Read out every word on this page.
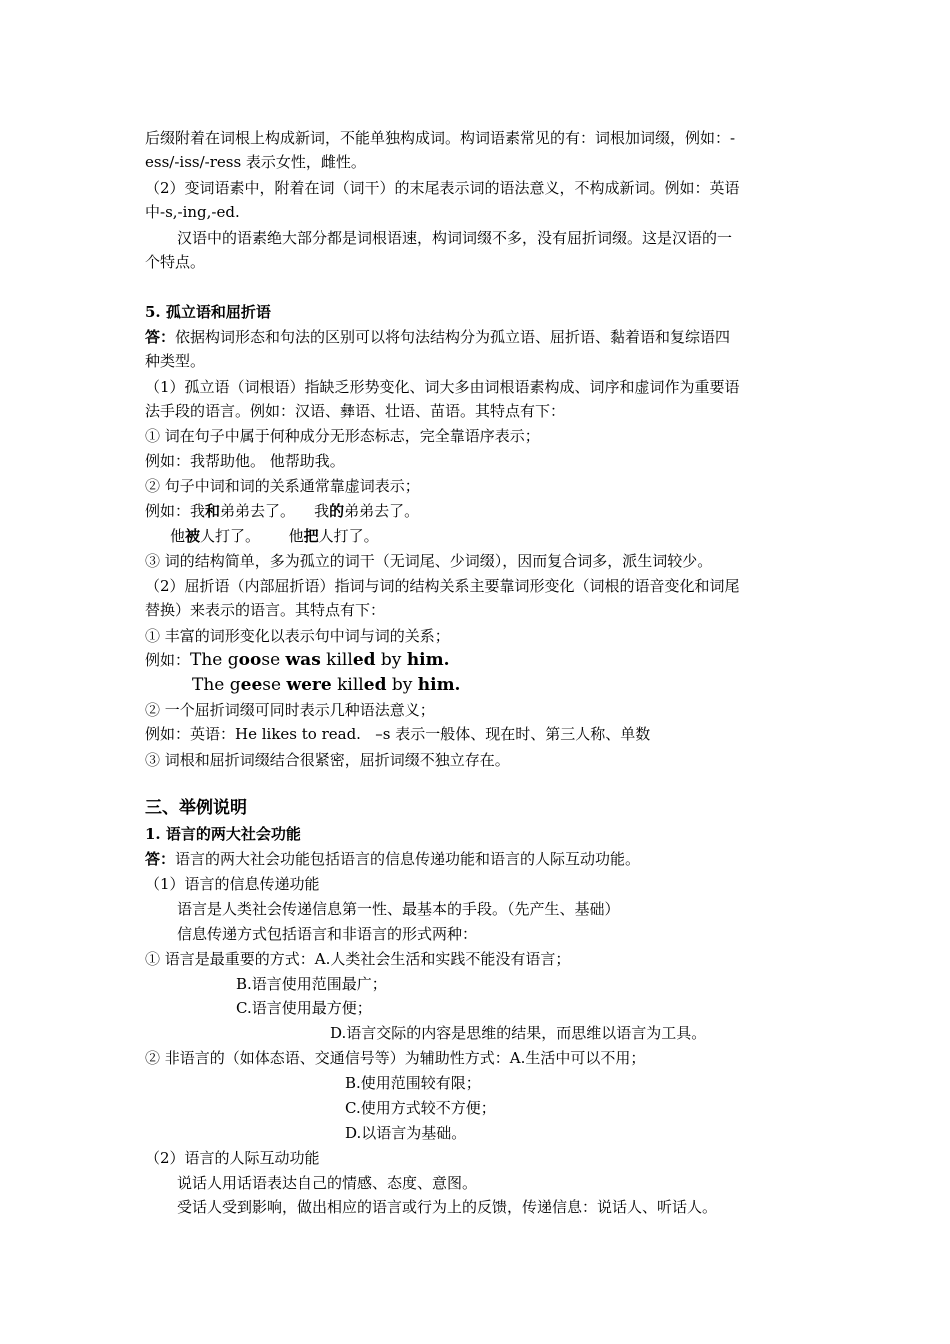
后缀附着在词根上构成新词，不能单独构成词。构词语素常见的有：词根加词缀，例如：-
ess/-iss/-ress 表示女性，雌性。
（2）变词语素中，附着在词（词干）的末尾表示词的语法意义，不构成新词。例如：英语
中-s,-ing,-ed.
汉语中的语素绝大部分都是词根语速，构词词缀不多，没有屈折词缀。这是汉语的一
个特点。
5. 孤立语和屈折语
答：依据构词形态和句法的区别可以将句法结构分为孤立语、屈折语、黏着语和复综语四
种类型。
（1）孤立语（词根语）指缺乏形势变化、词大多由词根语素构成、词序和虚词作为重要语
法手段的语言。例如：汉语、彝语、壮语、苗语。其特点有下：
① 词在句子中属于何种成分无形态标志，完全靠语序表示；
例如：我帮助他。 他帮助我。
② 句子中词和词的关系通常靠虚词表示；
例如：我和弟弟去了。    我的弟弟去了。
他被人打了。      他把人打了。
③ 词的结构简单，多为孤立的词干（无词尾、少词缀），因而复合词多，派生词较少。
（2）屈折语（内部屈折语）指词与词的结构关系主要靠词形变化（词根的语音变化和词尾
替换）来表示的语言。其特点有下：
① 丰富的词形变化以表示句中词与词的关系；
例如：The goose was killed by him.
The geese were killed by him.
② 一个屈折词缀可同时表示几种语法意义；
例如：英语：He likes to read.   –s 表示一般体、现在时、第三人称、单数
③ 词根和屈折词缀结合很紧密，屈折词缀不独立存在。
三、举例说明
1. 语言的两大社会功能
答：语言的两大社会功能包括语言的信息传递功能和语言的人际互动功能。
（1）语言的信息传递功能
语言是人类社会传递信息第一性、最基本的手段。（先产生、基础）
信息传递方式包括语言和非语言的形式两种：
① 语言是最重要的方式：A.人类社会生活和实践不能没有语言；
B.语言使用范围最广；
C.语言使用最方便；
D.语言交际的内容是思维的结果，而思维以语言为工具。
② 非语言的（如体态语、交通信号等）为辅助性方式：A.生活中可以不用；
B.使用范围较有限；
C.使用方式较不方便；
D.以语言为基础。
（2）语言的人际互动功能
说话人用话语表达自己的情感、态度、意图。
受话人受到影响，做出相应的语言或行为上的反馈，传递信息：说话人、听话人。
